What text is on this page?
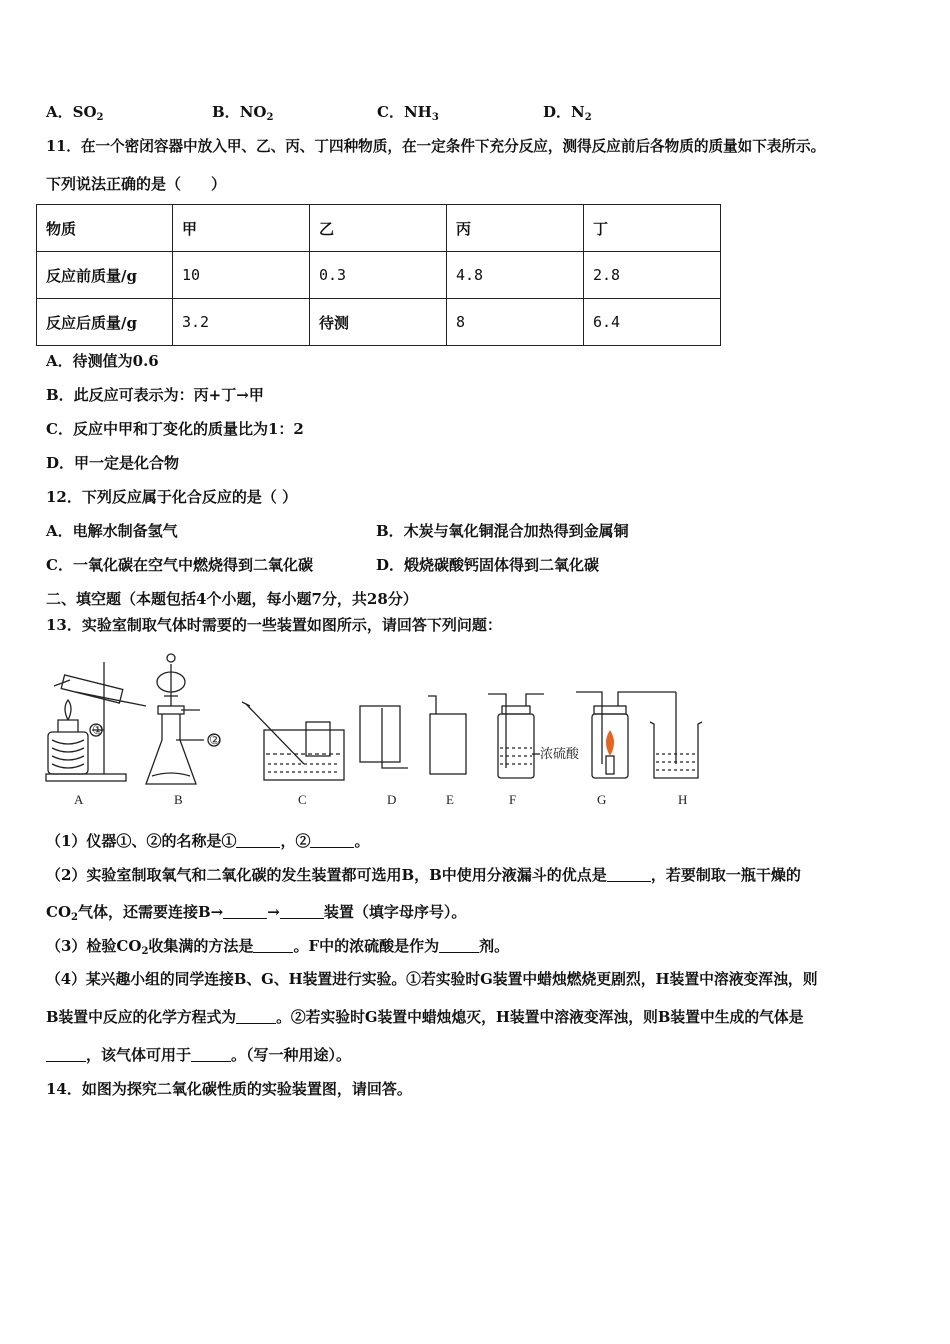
A．$SO_2$	B．$NO_2$	C．$NH_3$	D．$N_2$
11．在一个密闭容器中放入甲、乙、丙、丁四种物质，在一定条件下充分反应，测得反应前后各物质的质量如下表所示。
下列说法正确的是（　　）
物质	甲	乙	丙	丁
反应前质量/g	10	0.3	4.8	2.8
反应后质量/g	3.2	待测	8	6.4
A．待测值为0.6
B．此反应可表示为：丙+丁→甲
C．反应中甲和丁变化的质量比为1：2
D．甲一定是化合物
12．下列反应属于化合反应的是（ ）
A．电解水制备氢气	B．木炭与氧化铜混合加热得到金属铜
C．一氧化碳在空气中燃烧得到二氧化碳	D．煅烧碳酸钙固体得到二氧化碳
二、填空题（本题包括4个小题，每小题7分，共28分）
13．实验室制取气体时需要的一些装置如图所示，请回答下列问题：
①
②
浓硫酸
A	B	C	D	E	F	G	H
（1）仪器①、②的名称是①	，②	。
（2）实验室制取氧气和二氧化碳的发生装置都可选用B，B中使用分液漏斗的优点是	，若要制取一瓶干燥的
$CO_2$气体，还需要连接B→	→	装置（填字母序号）。
（3）检验$CO_2$收集满的方法是	。F中的浓硫酸是作为	剂。
（4）某兴趣小组的同学连接B、G、H装置进行实验。①若实验时G装置中蜡烛燃烧更剧烈，H装置中溶液变浑浊，则
B装置中反应的化学方程式为	。②若实验时G装置中蜡烛熄灭，H装置中溶液变浑浊，则B装置中生成的气体是
，该气体可用于	。（写一种用途）。
14．如图为探究二氧化碳性质的实验装置图，请回答。
